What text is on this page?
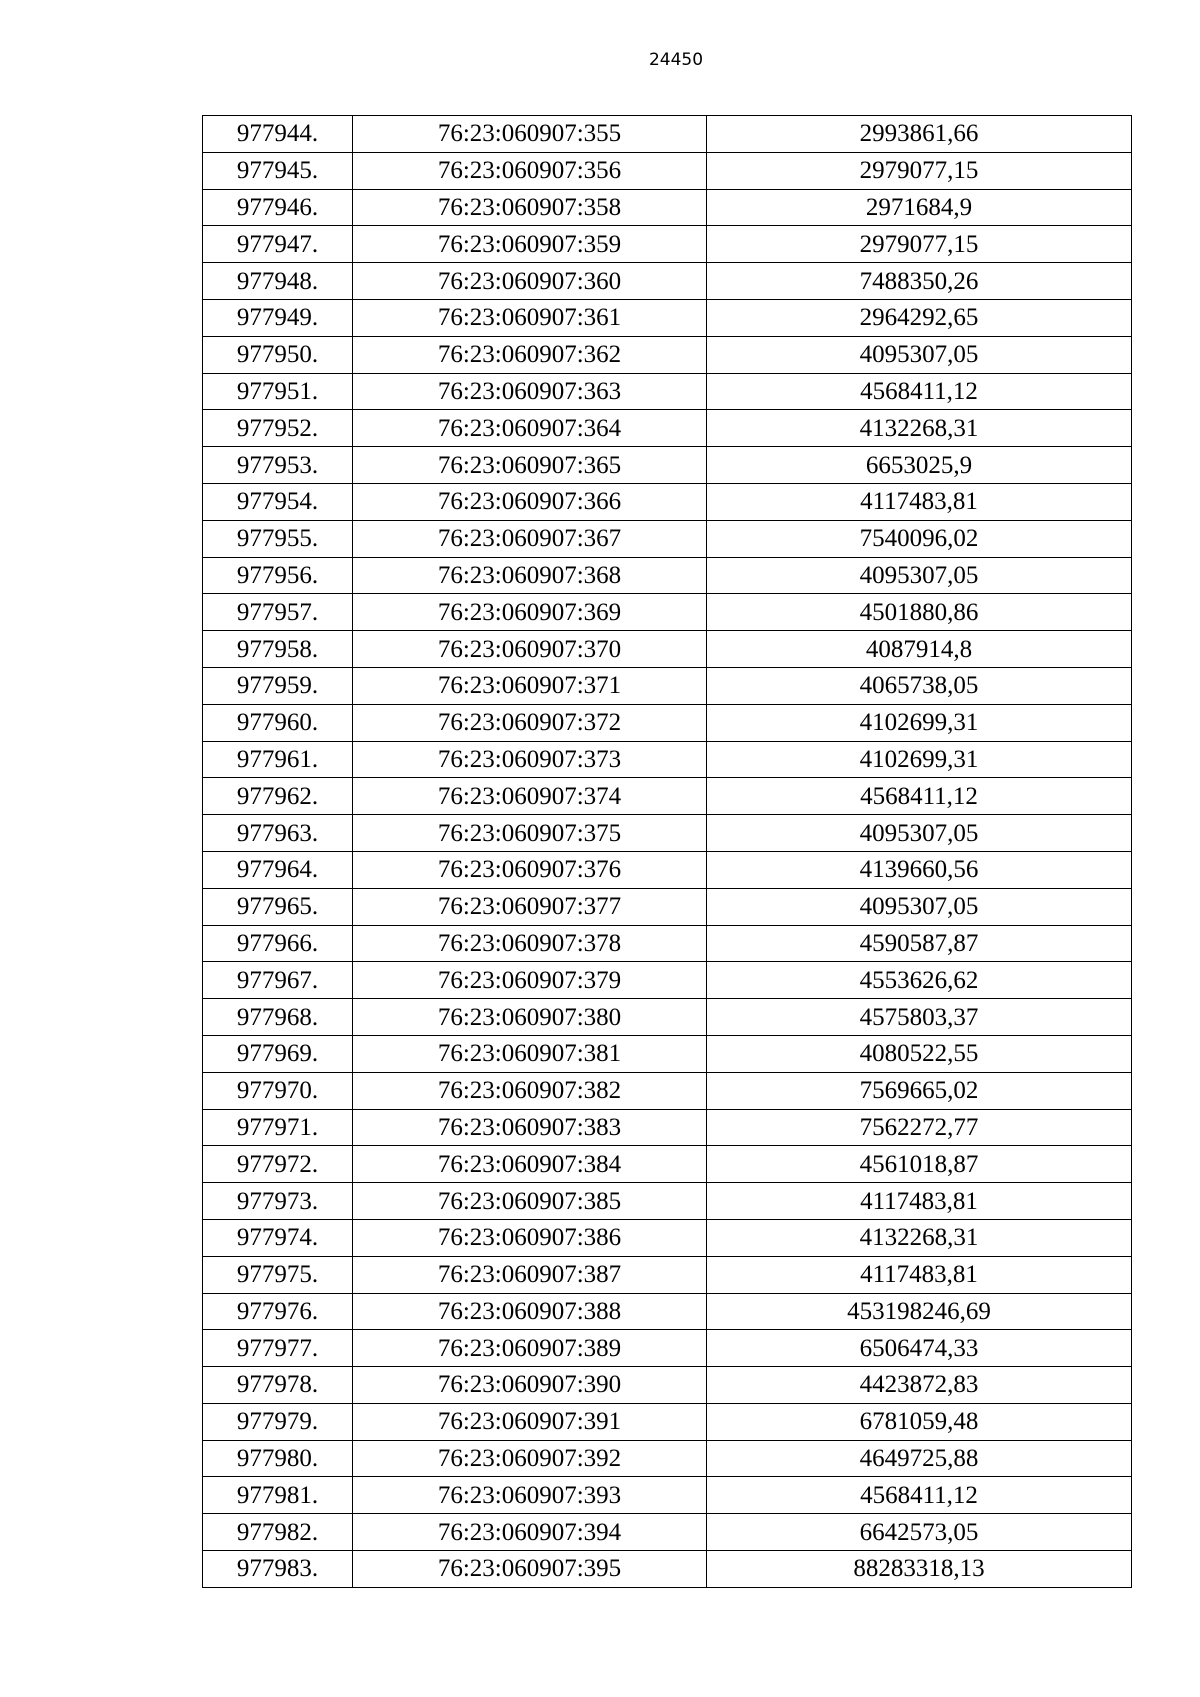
24450
977944.	76:23:060907:355	2993861,66
977945.	76:23:060907:356	2979077,15
977946.	76:23:060907:358	2971684,9
977947.	76:23:060907:359	2979077,15
977948.	76:23:060907:360	7488350,26
977949.	76:23:060907:361	2964292,65
977950.	76:23:060907:362	4095307,05
977951.	76:23:060907:363	4568411,12
977952.	76:23:060907:364	4132268,31
977953.	76:23:060907:365	6653025,9
977954.	76:23:060907:366	4117483,81
977955.	76:23:060907:367	7540096,02
977956.	76:23:060907:368	4095307,05
977957.	76:23:060907:369	4501880,86
977958.	76:23:060907:370	4087914,8
977959.	76:23:060907:371	4065738,05
977960.	76:23:060907:372	4102699,31
977961.	76:23:060907:373	4102699,31
977962.	76:23:060907:374	4568411,12
977963.	76:23:060907:375	4095307,05
977964.	76:23:060907:376	4139660,56
977965.	76:23:060907:377	4095307,05
977966.	76:23:060907:378	4590587,87
977967.	76:23:060907:379	4553626,62
977968.	76:23:060907:380	4575803,37
977969.	76:23:060907:381	4080522,55
977970.	76:23:060907:382	7569665,02
977971.	76:23:060907:383	7562272,77
977972.	76:23:060907:384	4561018,87
977973.	76:23:060907:385	4117483,81
977974.	76:23:060907:386	4132268,31
977975.	76:23:060907:387	4117483,81
977976.	76:23:060907:388	453198246,69
977977.	76:23:060907:389	6506474,33
977978.	76:23:060907:390	4423872,83
977979.	76:23:060907:391	6781059,48
977980.	76:23:060907:392	4649725,88
977981.	76:23:060907:393	4568411,12
977982.	76:23:060907:394	6642573,05
977983.	76:23:060907:395	88283318,13
